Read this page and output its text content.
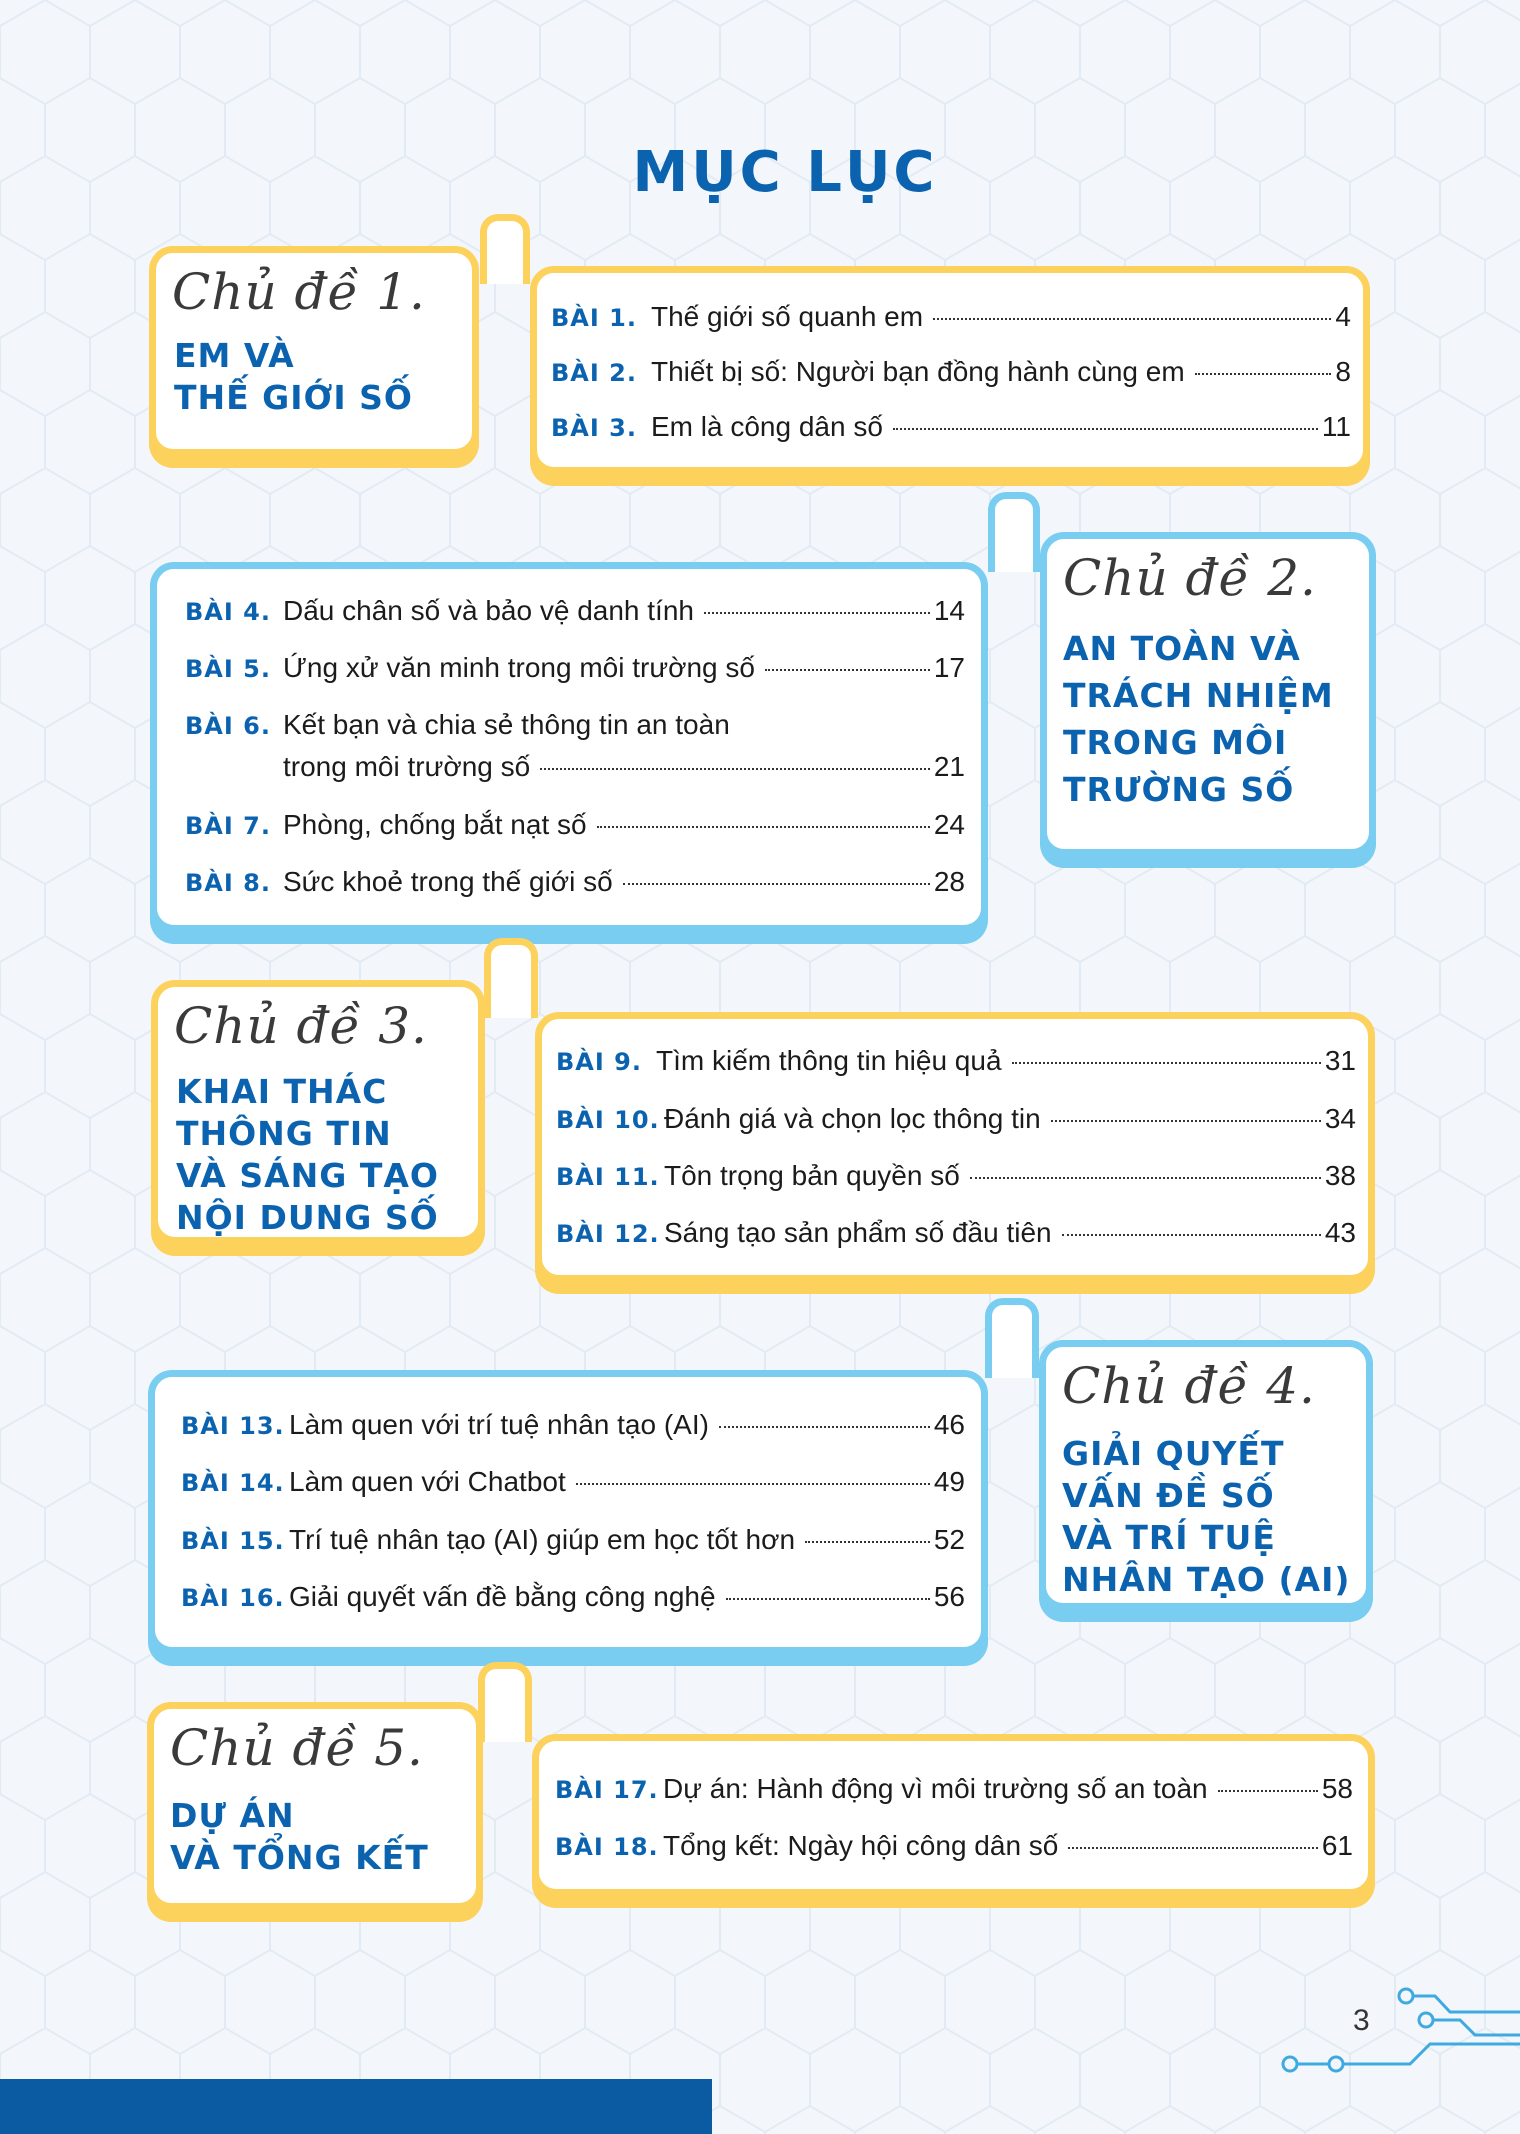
MỤC LỤC
Chủ đề 1.
EM VÀ
THẾ GIỚI SỐ
BÀI 1. Thế giới số quanh em	4
BÀI 2. Thiết bị số: Người bạn đồng hành cùng em	8
BÀI 3. Em là công dân số	11
BÀI 4. Dấu chân số và bảo vệ danh tính	14
BÀI 5. Ứng xử văn minh trong môi trường số	17
BÀI 6. Kết bạn và chia sẻ thông tin an toàn
trong môi trường số	21
BÀI 7. Phòng, chống bắt nạt số	24
BÀI 8. Sức khoẻ trong thế giới số	28
Chủ đề 2.
AN TOÀN VÀ
TRÁCH NHIỆM
TRONG MÔI
TRƯỜNG SỐ
Chủ đề 3.
KHAI THÁC
THÔNG TIN
VÀ SÁNG TẠO
NỘI DUNG SỐ
BÀI 9. Tìm kiếm thông tin hiệu quả	31
BÀI 10. Đánh giá và chọn lọc thông tin	34
BÀI 11. Tôn trọng bản quyền số	38
BÀI 12. Sáng tạo sản phẩm số đầu tiên	43
BÀI 13. Làm quen với trí tuệ nhân tạo (AI)	46
BÀI 14. Làm quen với Chatbot	49
BÀI 15. Trí tuệ nhân tạo (AI) giúp em học tốt hơn	52
BÀI 16. Giải quyết vấn đề bằng công nghệ	56
Chủ đề 4.
GIẢI QUYẾT
VẤN ĐỀ SỐ
VÀ TRÍ TUỆ
NHÂN TẠO (AI)
Chủ đề 5.
DỰ ÁN
VÀ TỔNG KẾT
BÀI 17. Dự án: Hành động vì môi trường số an toàn	58
BÀI 18. Tổng kết: Ngày hội công dân số	61
3
